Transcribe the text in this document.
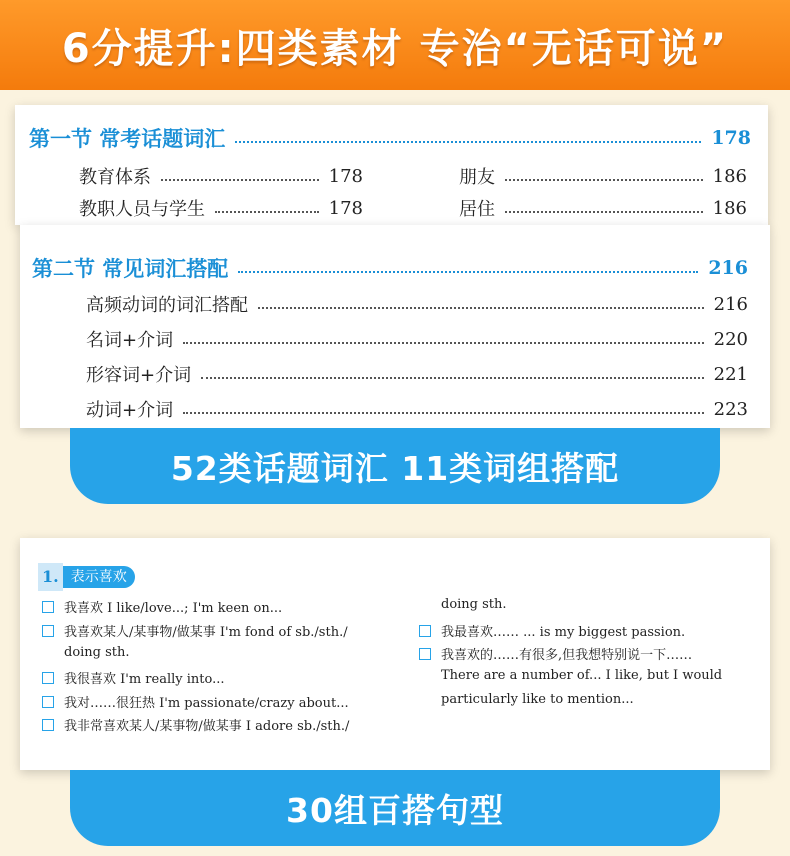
6分提升:四类素材 专治“无话可说”
第一节 常考话题词汇	178
教育体系	178
教职人员与学生	178
朋友	186
居住	186
第二节 常见词汇搭配	216
高频动词的词汇搭配	216
名词+介词	220
形容词+介词	221
动词+介词	223
52类话题词汇 11类词组搭配
1. 表示喜欢
我喜欢 I like/love...; I'm keen on...
我喜欢某人/某事物/做某事 I'm fond of sb./sth./
doing sth.
我很喜欢 I'm really into...
我对……很狂热 I'm passionate/crazy about...
我非常喜欢某人/某事物/做某事 I adore sb./sth./
doing sth.
我最喜欢…… ... is my biggest passion.
我喜欢的……有很多,但我想特别说一下……
There are a number of... I like, but I would
particularly like to mention...
30组百搭句型
